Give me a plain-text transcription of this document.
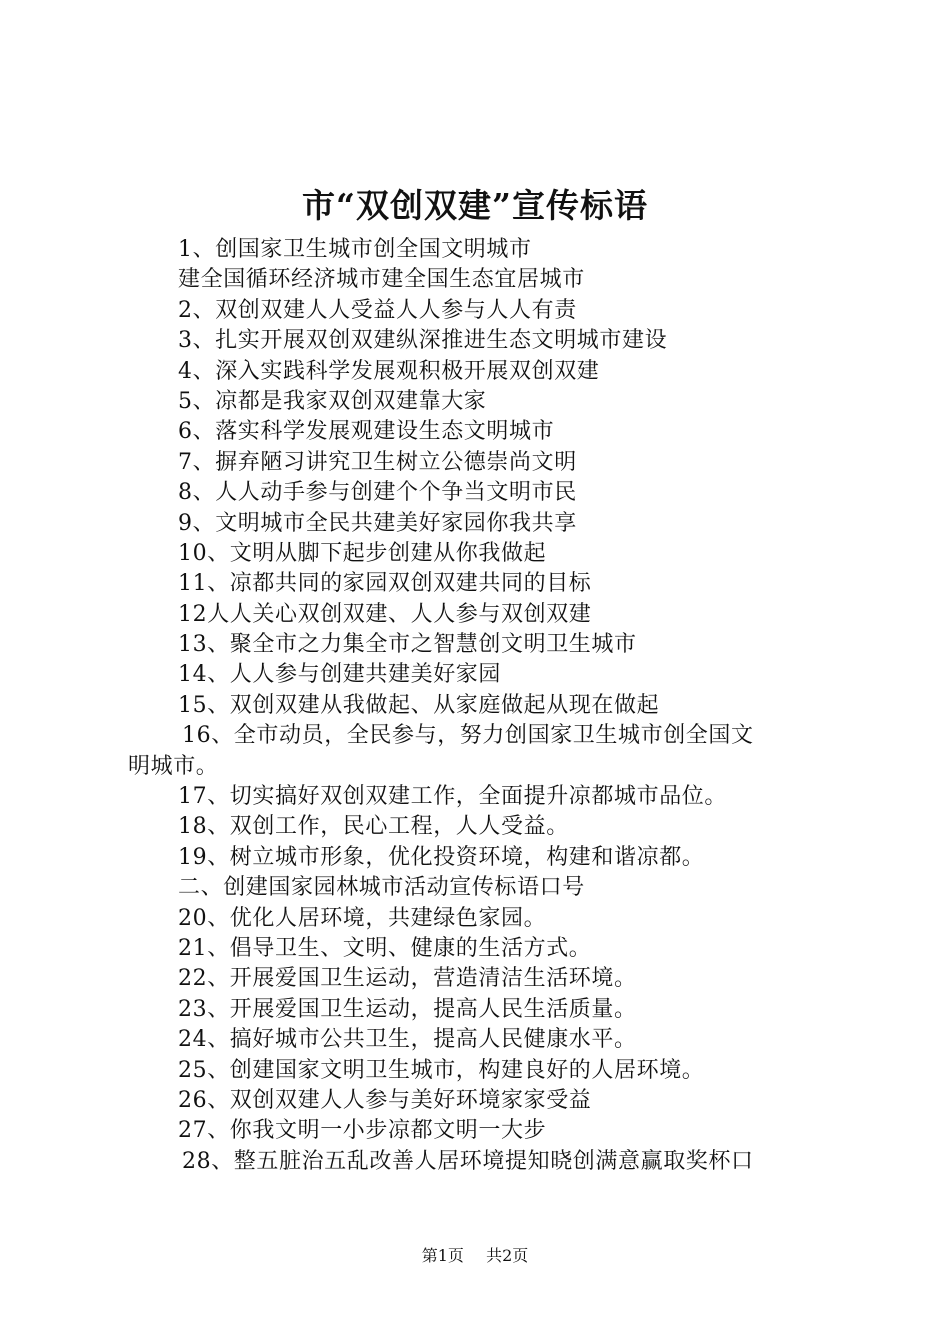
市“双创双建”宣传标语
1、创国家卫生城市创全国文明城市
建全国循环经济城市建全国生态宜居城市
2、双创双建人人受益人人参与人人有责
3、扎实开展双创双建纵深推进生态文明城市建设
4、深入实践科学发展观积极开展双创双建
5、凉都是我家双创双建靠大家
6、落实科学发展观建设生态文明城市
7、摒弃陋习讲究卫生树立公德崇尚文明
8、人人动手参与创建个个争当文明市民
9、文明城市全民共建美好家园你我共享
10、文明从脚下起步创建从你我做起
11、凉都共同的家园双创双建共同的目标
12人人关心双创双建、人人参与双创双建
13、聚全市之力集全市之智慧创文明卫生城市
14、人人参与创建共建美好家园
15、双创双建从我做起、从家庭做起从现在做起
16、全市动员，全民参与，努力创国家卫生城市创全国文
明城市。
17、切实搞好双创双建工作，全面提升凉都城市品位。
18、双创工作，民心工程，人人受益。
19、树立城市形象，优化投资环境，构建和谐凉都。
二、创建国家园林城市活动宣传标语口号
20、优化人居环境，共建绿色家园。
21、倡导卫生、文明、健康的生活方式。
22、开展爱国卫生运动，营造清洁生活环境。
23、开展爱国卫生运动，提高人民生活质量。
24、搞好城市公共卫生，提高人民健康水平。
25、创建国家文明卫生城市，构建良好的人居环境。
26、双创双建人人参与美好环境家家受益
27、你我文明一小步凉都文明一大步
28、整五脏治五乱改善人居环境提知晓创满意赢取奖杯口
第1页 共2页
